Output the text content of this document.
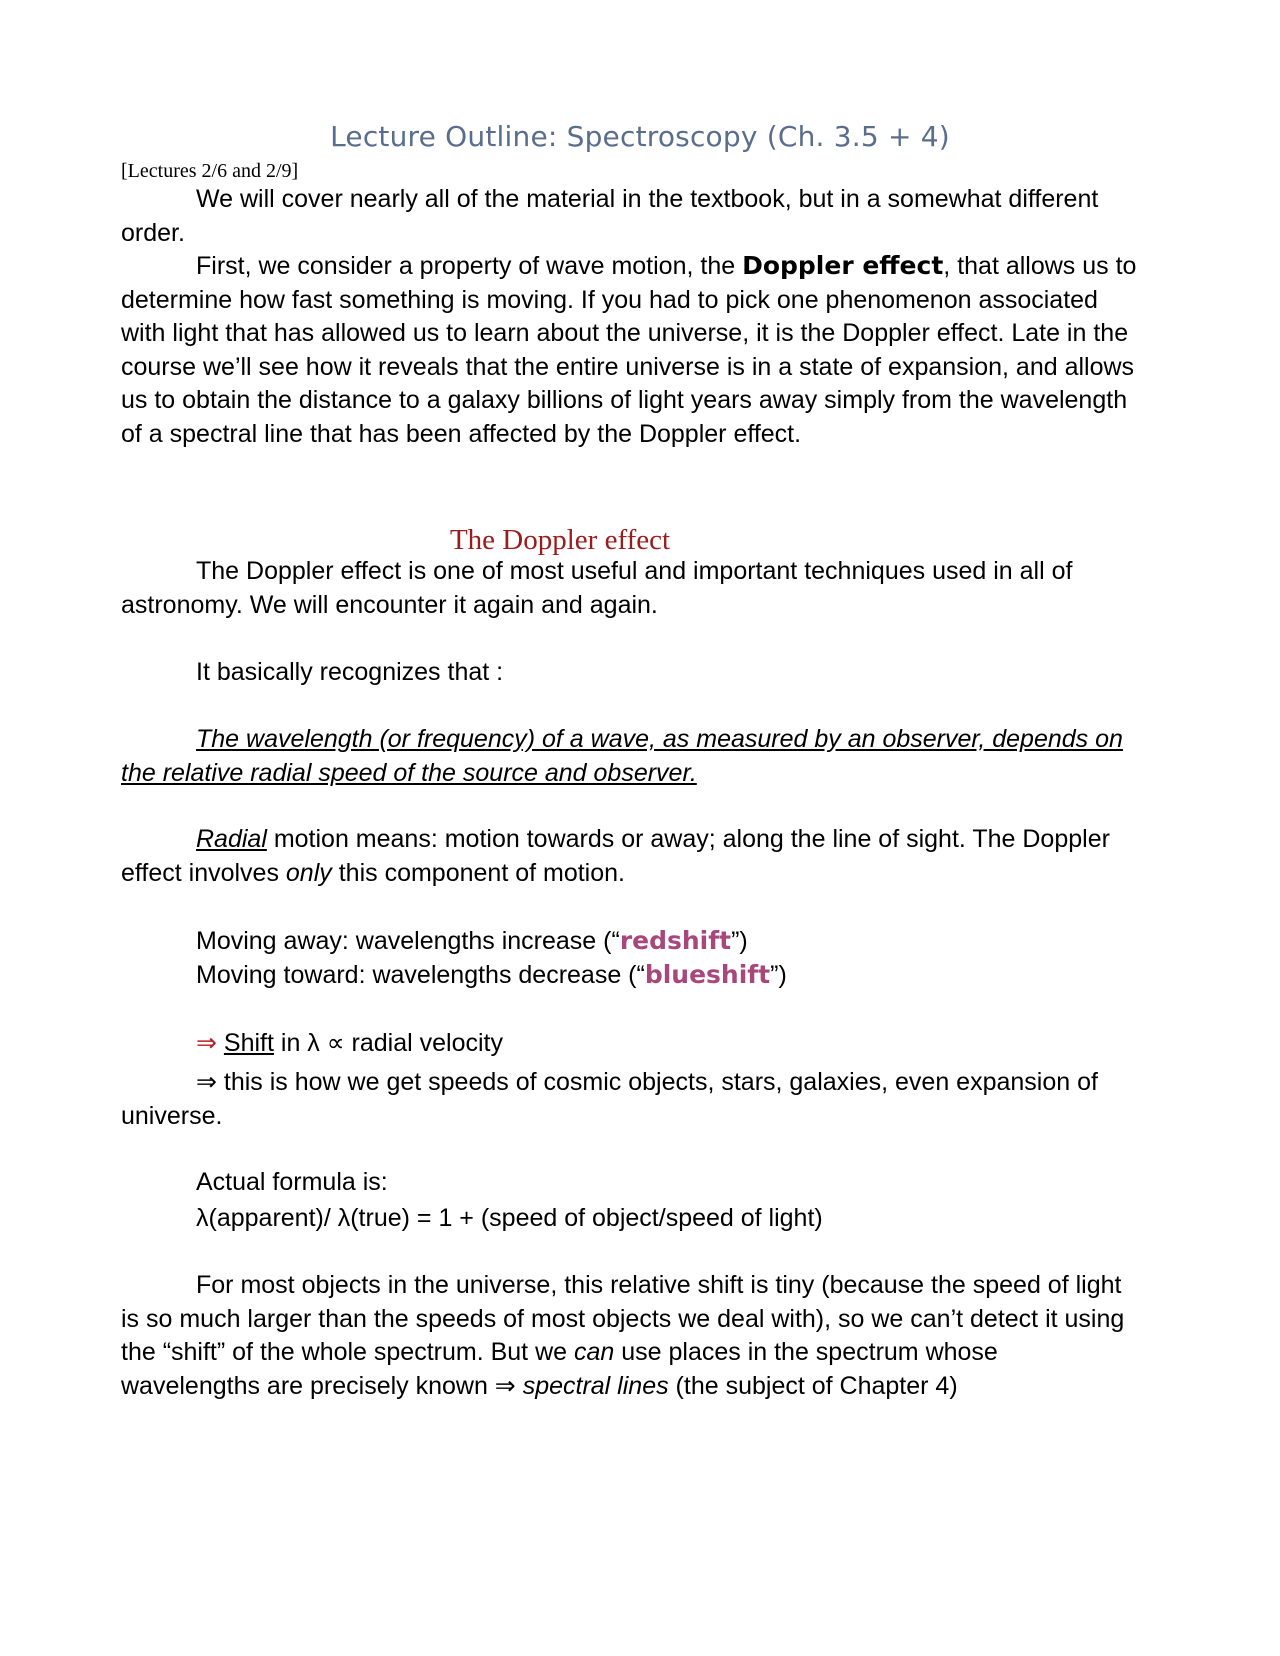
Lecture Outline: Spectroscopy (Ch. 3.5 + 4)
[Lectures 2/6 and 2/9]

We will cover nearly all of the material in the textbook, but in a somewhat different order.

First, we consider a property of wave motion, the Doppler effect, that allows us to determine how fast something is moving. If you had to pick one phenomenon associated with light that has allowed us to learn about the universe, it is the Doppler effect. Late in the course we’ll see how it reveals that the entire universe is in a state of expansion, and allows us to obtain the distance to a galaxy billions of light years away simply from the wavelength of a spectral line that has been affected by the Doppler effect.

The Doppler effect

The Doppler effect is one of most useful and important techniques used in all of astronomy. We will encounter it again and again.

It basically recognizes that :

The wavelength (or frequency) of a wave, as measured by an observer, depends on the relative radial speed of the source and observer.

Radial motion means: motion towards or away; along the line of sight. The Doppler effect involves only this component of motion.

Moving away: wavelengths increase (“redshift”)

Moving toward: wavelengths decrease (“blueshift”)

⇒ Shift in λ ∝ radial velocity

⇒ this is how we get speeds of cosmic objects, stars, galaxies, even expansion of universe.

Actual formula is:

λ(apparent)/ λ(true) = 1 + (speed of object/speed of light)

For most objects in the universe, this relative shift is tiny (because the speed of light is so much larger than the speeds of most objects we deal with), so we can’t detect it using the “shift” of the whole spectrum. But we can use places in the spectrum whose wavelengths are precisely known ⇒ spectral lines (the subject of Chapter 4)
